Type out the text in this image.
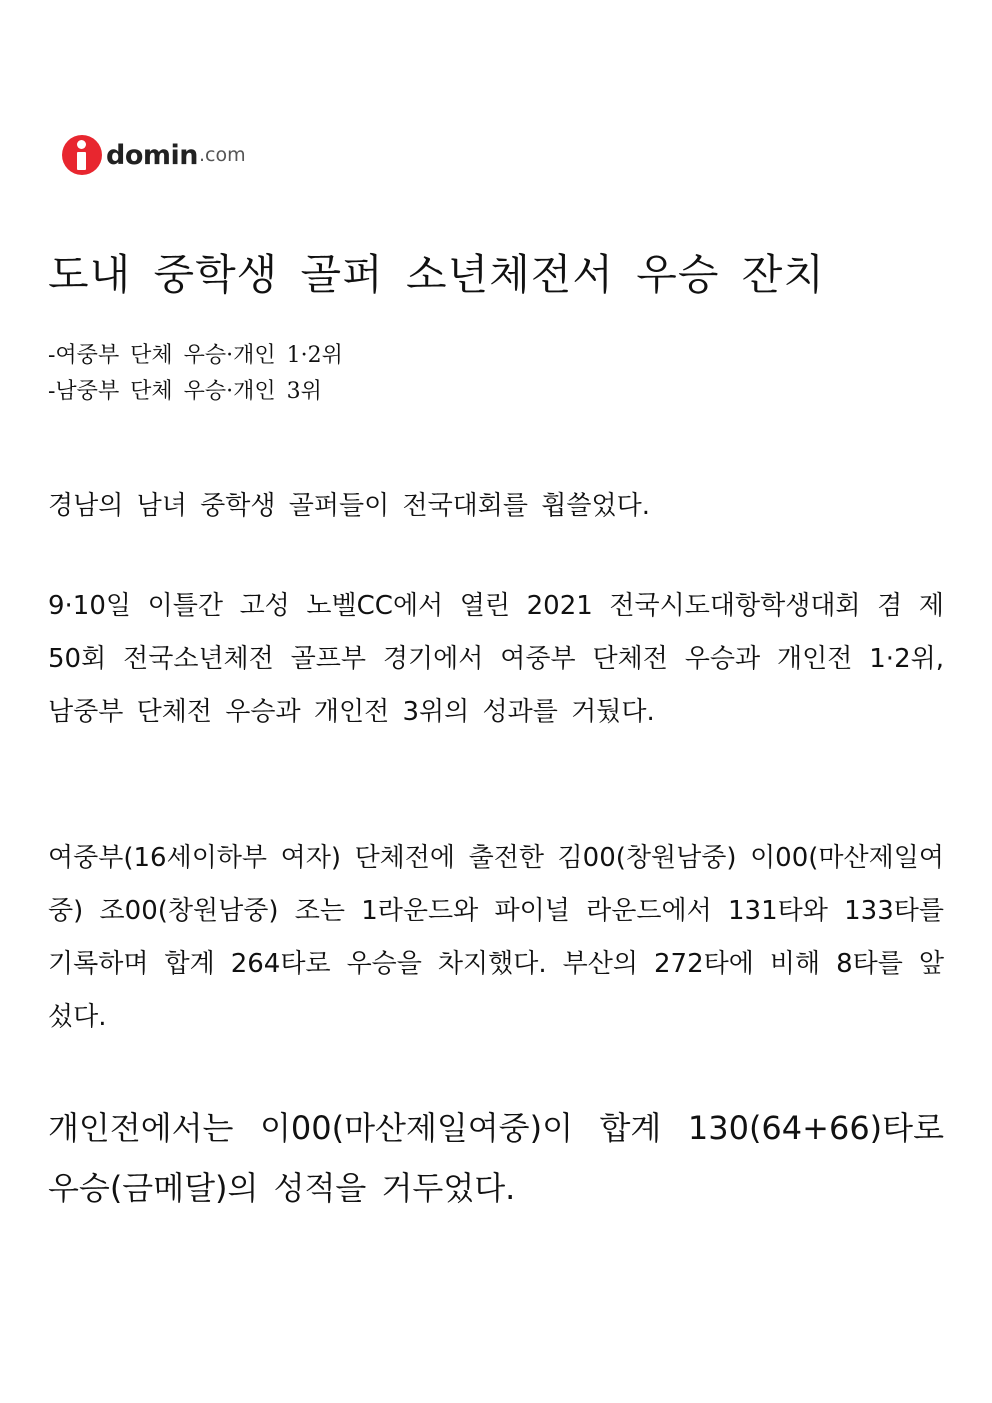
domin .com
도내 중학생 골퍼 소년체전서 우승 잔치
-여중부 단체 우승·개인 1·2위
-남중부 단체 우승·개인 3위

경남의 남녀 중학생 골퍼들이 전국대회를 휩쓸었다.

9·10일 이틀간 고성 노벨CC에서 열린 2021 전국시도대항학생대회 겸 제50회 전국소년체전 골프부 경기에서 여중부 단체전 우승과 개인전 1·2위, 남중부 단체전 우승과 개인전 3위의 성과를 거뒀다.

여중부(16세이하부 여자) 단체전에 출전한 김00(창원남중) 이00(마산제일여중) 조00(창원남중) 조는 1라운드와 파이널 라운드에서 131타와 133타를 기록하며 합계 264타로 우승을 차지했다. 부산의 272타에 비해 8타를 앞섰다.

개인전에서는 이00(마산제일여중)이 합계 130(64+66)타로 우승(금메달)의 성적을 거두었다.
